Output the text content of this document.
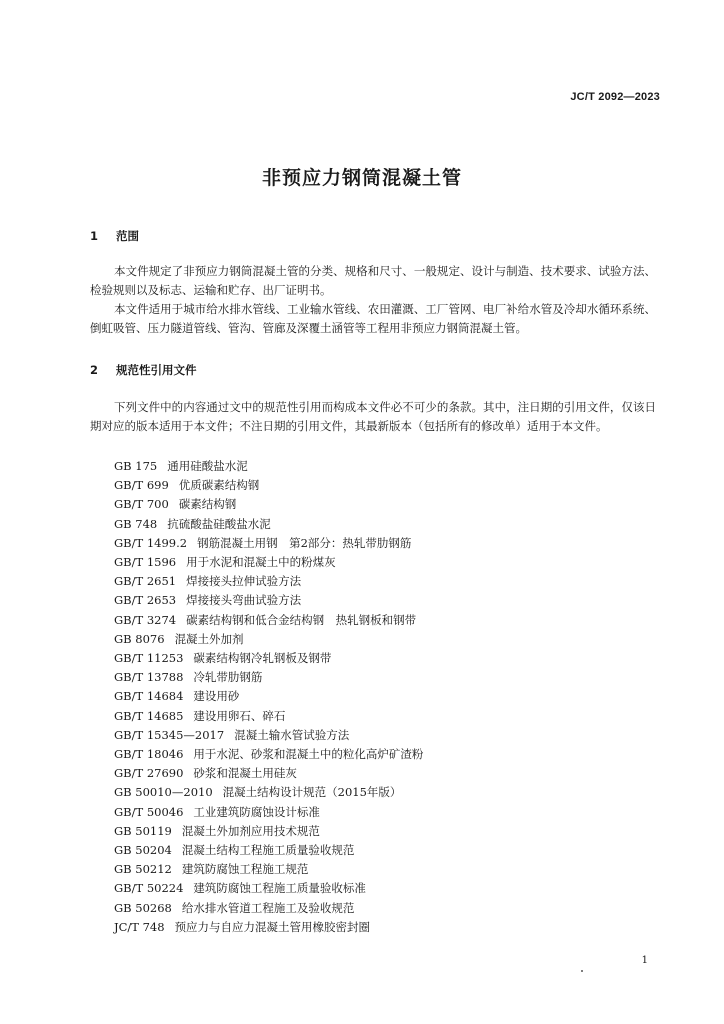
JC/T 2092—2023
非预应力钢筒混凝土管
1 范围
本文件规定了非预应力钢筒混凝土管的分类、规格和尺寸、一般规定、设计与制造、技术要求、试验方法、检验规则以及标志、运输和贮存、出厂证明书。
本文件适用于城市给水排水管线、工业输水管线、农田灌溉、工厂管网、电厂补给水管及冷却水循环系统、倒虹吸管、压力隧道管线、管沟、管廊及深覆土涵管等工程用非预应力钢筒混凝土管。
2 规范性引用文件
下列文件中的内容通过文中的规范性引用而构成本文件必不可少的条款。其中，注日期的引用文件，仅该日期对应的版本适用于本文件；不注日期的引用文件，其最新版本（包括所有的修改单）适用于本文件。
GB 175 通用硅酸盐水泥
GB/T 699 优质碳素结构钢
GB/T 700 碳素结构钢
GB 748 抗硫酸盐硅酸盐水泥
GB/T 1499.2 钢筋混凝土用钢　第2部分：热轧带肋钢筋
GB/T 1596 用于水泥和混凝土中的粉煤灰
GB/T 2651 焊接接头拉伸试验方法
GB/T 2653 焊接接头弯曲试验方法
GB/T 3274 碳素结构钢和低合金结构钢　热轧钢板和钢带
GB 8076 混凝土外加剂
GB/T 11253 碳素结构钢冷轧钢板及钢带
GB/T 13788 冷轧带肋钢筋
GB/T 14684 建设用砂
GB/T 14685 建设用卵石、碎石
GB/T 15345—2017 混凝土输水管试验方法
GB/T 18046 用于水泥、砂浆和混凝土中的粒化高炉矿渣粉
GB/T 27690 砂浆和混凝土用硅灰
GB 50010—2010 混凝土结构设计规范（2015年版）
GB/T 50046 工业建筑防腐蚀设计标准
GB 50119 混凝土外加剂应用技术规范
GB 50204 混凝土结构工程施工质量验收规范
GB 50212 建筑防腐蚀工程施工规范
GB/T 50224 建筑防腐蚀工程施工质量验收标准
GB 50268 给水排水管道工程施工及验收规范
JC/T 748 预应力与自应力混凝土管用橡胶密封圈
1
